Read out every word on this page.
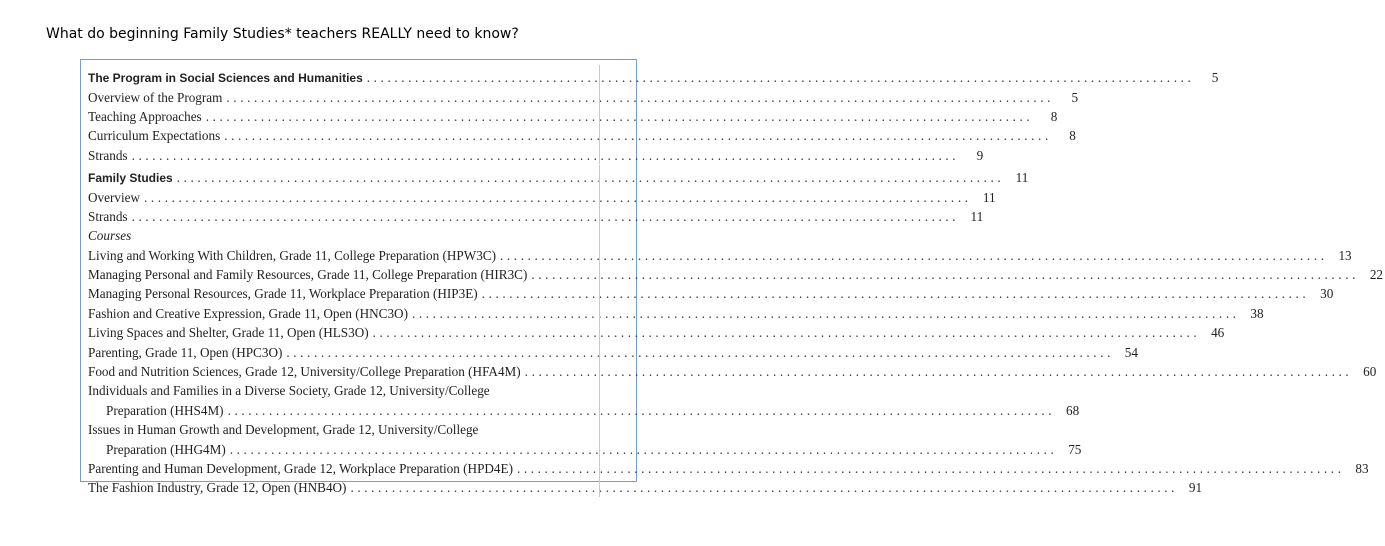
What do beginning Family Studies* teachers REALLY need to know?
The Program in Social Sciences and Humanities ........................................................................................................................	5
Overview of the Program ........................................................................................................................	5
Teaching Approaches ........................................................................................................................	8
Curriculum Expectations ........................................................................................................................	8
Strands ........................................................................................................................	9
Family Studies ........................................................................................................................ 11
Overview ........................................................................................................................ 11
Strands ........................................................................................................................ 11
Courses
Living and Working With Children, Grade 11, College Preparation (HPW3C) ........................................................................................................................ 13
Managing Personal and Family Resources, Grade 11, College Preparation (HIR3C) ........................................................................................................................ 22
Managing Personal Resources, Grade 11, Workplace Preparation (HIP3E) ........................................................................................................................ 30
Fashion and Creative Expression, Grade 11, Open (HNC3O) ........................................................................................................................ 38
Living Spaces and Shelter, Grade 11, Open (HLS3O) ........................................................................................................................ 46
Parenting, Grade 11, Open (HPC3O) ........................................................................................................................ 54
Food and Nutrition Sciences, Grade 12, University/College Preparation (HFA4M) ........................................................................................................................ 60
Individuals and Families in a Diverse Society, Grade 12, University/College
Preparation (HHS4M) ........................................................................................................................ 68
Issues in Human Growth and Development, Grade 12, University/College
Preparation (HHG4M) ........................................................................................................................ 75
Parenting and Human Development, Grade 12, Workplace Preparation (HPD4E) ........................................................................................................................ 83
The Fashion Industry, Grade 12, Open (HNB4O) ........................................................................................................................ 91
